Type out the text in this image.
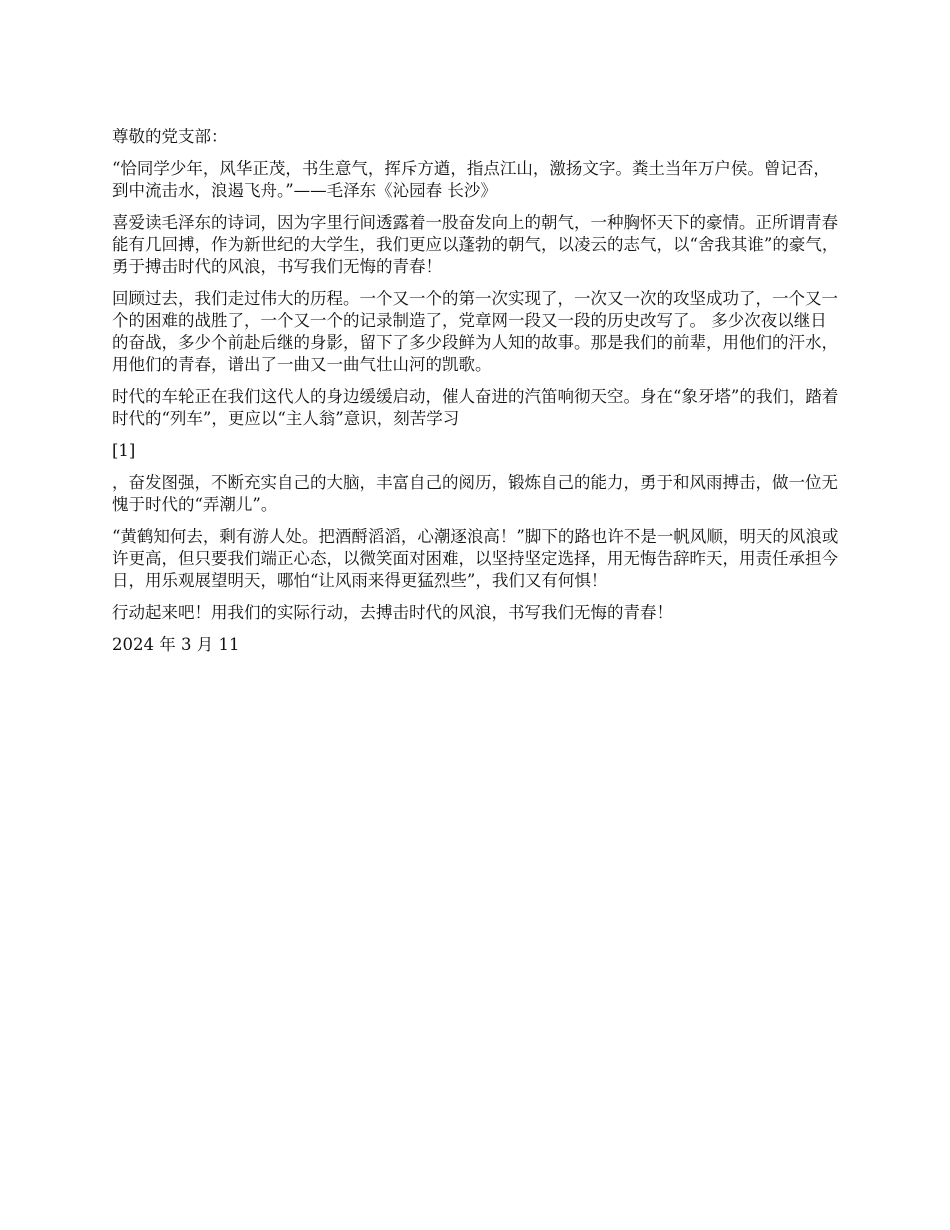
尊敬的党支部：

“恰同学少年，风华正茂，书生意气，挥斥方遒，指点江山，激扬文字。粪土当年万户侯。曾记否，到中流击水，浪遏飞舟。”——毛泽东《沁园春 长沙》

喜爱读毛泽东的诗词，因为字里行间透露着一股奋发向上的朝气，一种胸怀天下的豪情。正所谓青春能有几回搏，作为新世纪的大学生，我们更应以蓬勃的朝气，以凌云的志气，以“舍我其谁”的豪气，勇于搏击时代的风浪，书写我们无悔的青春！

回顾过去，我们走过伟大的历程。一个又一个的第一次实现了，一次又一次的攻坚成功了，一个又一个的困难的战胜了，一个又一个的记录制造了，党章网一段又一段的历史改写了。 多少次夜以继日的奋战，多少个前赴后继的身影，留下了多少段鲜为人知的故事。那是我们的前辈，用他们的汗水，用他们的青春，谱出了一曲又一曲气壮山河的凯歌。

时代的车轮正在我们这代人的身边缓缓启动，催人奋进的汽笛响彻天空。身在“象牙塔”的我们，踏着时代的“列车”，更应以“主人翁”意识，刻苦学习

[1]

，奋发图强，不断充实自己的大脑，丰富自己的阅历，锻炼自己的能力，勇于和风雨搏击，做一位无愧于时代的“弄潮儿”。

“黄鹤知何去，剩有游人处。把酒酹滔滔，心潮逐浪高！”脚下的路也许不是一帆风顺，明天的风浪或许更高，但只要我们端正心态，以微笑面对困难，以坚持坚定选择，用无悔告辞昨天，用责任承担今日，用乐观展望明天，哪怕“让风雨来得更猛烈些”，我们又有何惧！

行动起来吧！用我们的实际行动，去搏击时代的风浪，书写我们无悔的青春！

2024 年 3 月 11
